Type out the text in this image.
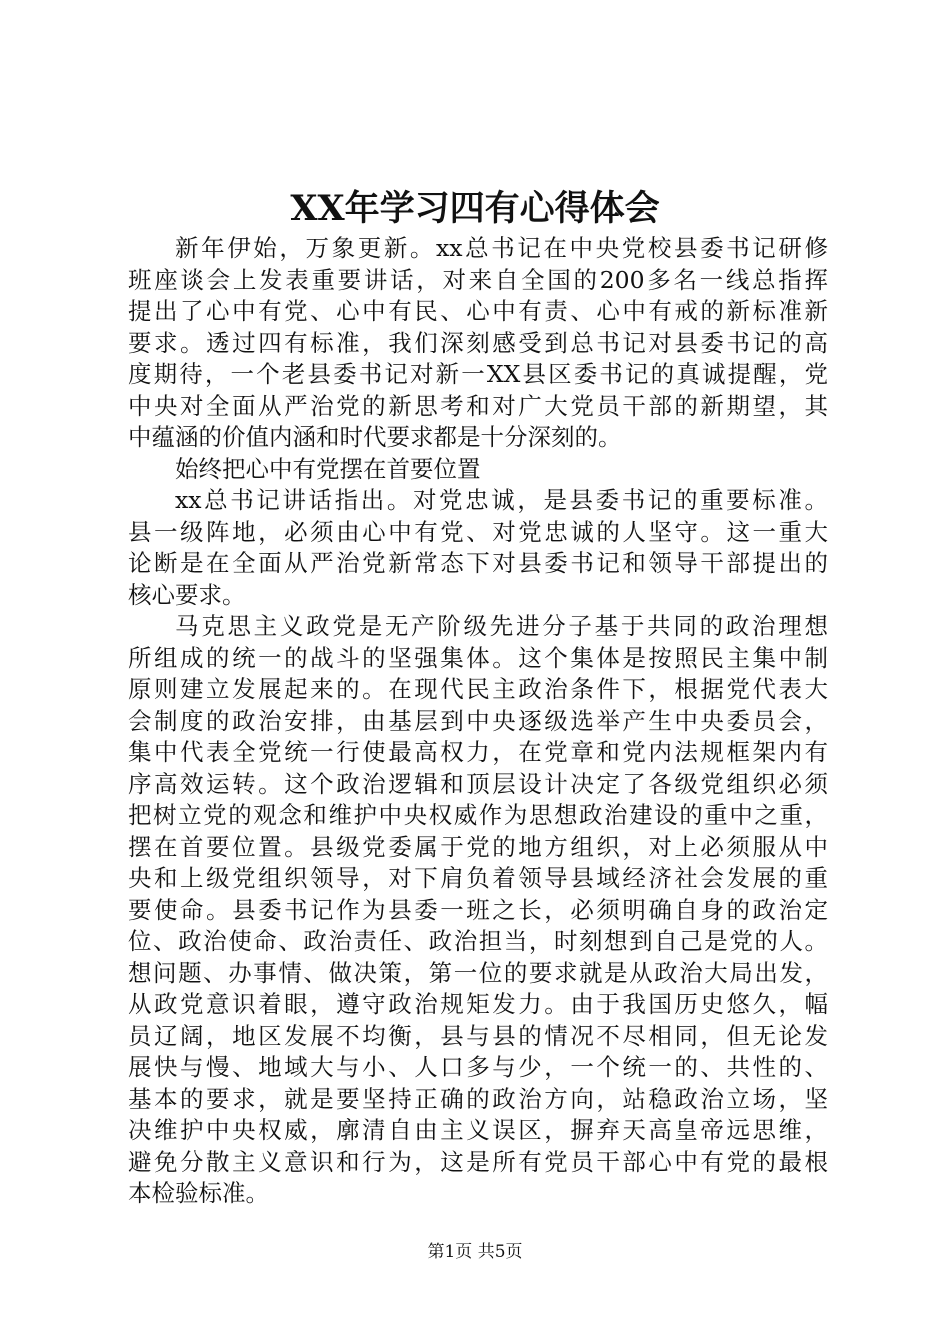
XX年学习四有心得体会
新年伊始，万象更新。xx总书记在中央党校县委书记研修
班座谈会上发表重要讲话，对来自全国的200多名一线总指挥
提出了心中有党、心中有民、心中有责、心中有戒的新标准新
要求。透过四有标准，我们深刻感受到总书记对县委书记的高
度期待，一个老县委书记对新一XX县区委书记的真诚提醒，党
中央对全面从严治党的新思考和对广大党员干部的新期望，其
中蕴涵的价值内涵和时代要求都是十分深刻的。
始终把心中有党摆在首要位置
xx总书记讲话指出。对党忠诚，是县委书记的重要标准。
县一级阵地，必须由心中有党、对党忠诚的人坚守。这一重大
论断是在全面从严治党新常态下对县委书记和领导干部提出的
核心要求。
马克思主义政党是无产阶级先进分子基于共同的政治理想
所组成的统一的战斗的坚强集体。这个集体是按照民主集中制
原则建立发展起来的。在现代民主政治条件下，根据党代表大
会制度的政治安排，由基层到中央逐级选举产生中央委员会，
集中代表全党统一行使最高权力，在党章和党内法规框架内有
序高效运转。这个政治逻辑和顶层设计决定了各级党组织必须
把树立党的观念和维护中央权威作为思想政治建设的重中之重，
摆在首要位置。县级党委属于党的地方组织，对上必须服从中
央和上级党组织领导，对下肩负着领导县域经济社会发展的重
要使命。县委书记作为县委一班之长，必须明确自身的政治定
位、政治使命、政治责任、政治担当，时刻想到自己是党的人。
想问题、办事情、做决策，第一位的要求就是从政治大局出发，
从政党意识着眼，遵守政治规矩发力。由于我国历史悠久，幅
员辽阔，地区发展不均衡，县与县的情况不尽相同，但无论发
展快与慢、地域大与小、人口多与少，一个统一的、共性的、
基本的要求，就是要坚持正确的政治方向，站稳政治立场，坚
决维护中央权威，廓清自由主义误区，摒弃天高皇帝远思维，
避免分散主义意识和行为，这是所有党员干部心中有党的最根
本检验标准。
第1页 共5页
